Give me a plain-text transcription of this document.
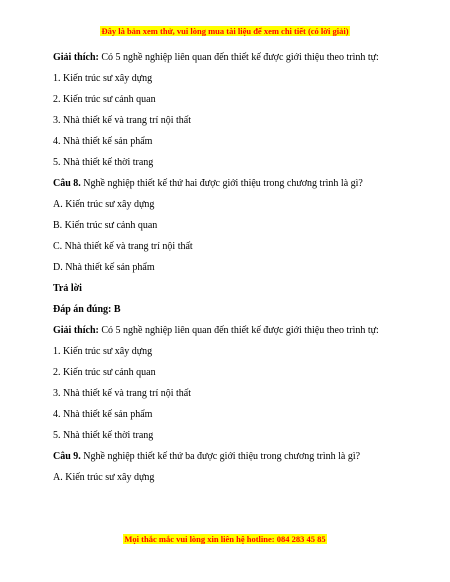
Đây là bản xem thử, vui lòng mua tài liệu để xem chi tiết (có lời giải)

Giải thích: Có 5 nghề nghiệp liên quan đến thiết kế được giới thiệu theo trình tự:

1. Kiến trúc sư xây dựng

2. Kiến trúc sư cảnh quan

3. Nhà thiết kế và trang trí nội thất

4. Nhà thiết kế sản phẩm

5. Nhà thiết kế thời trang

Câu 8. Nghề nghiệp thiết kế thứ hai được giới thiệu trong chương trình là gì?

A. Kiến trúc sư xây dựng

B. Kiến trúc sư cảnh quan

C. Nhà thiết kế và trang trí nội thất

D. Nhà thiết kế sản phẩm

Trả lời

Đáp án đúng: B

Giải thích: Có 5 nghề nghiệp liên quan đến thiết kế được giới thiệu theo trình tự:

1. Kiến trúc sư xây dựng

2. Kiến trúc sư cảnh quan

3. Nhà thiết kế và trang trí nội thất

4. Nhà thiết kế sản phẩm

5. Nhà thiết kế thời trang

Câu 9. Nghề nghiệp thiết kế thứ ba được giới thiệu trong chương trình là gì?

A. Kiến trúc sư xây dựng

Mọi thắc mắc vui lòng xin liên hệ hotline: 084 283 45 85
